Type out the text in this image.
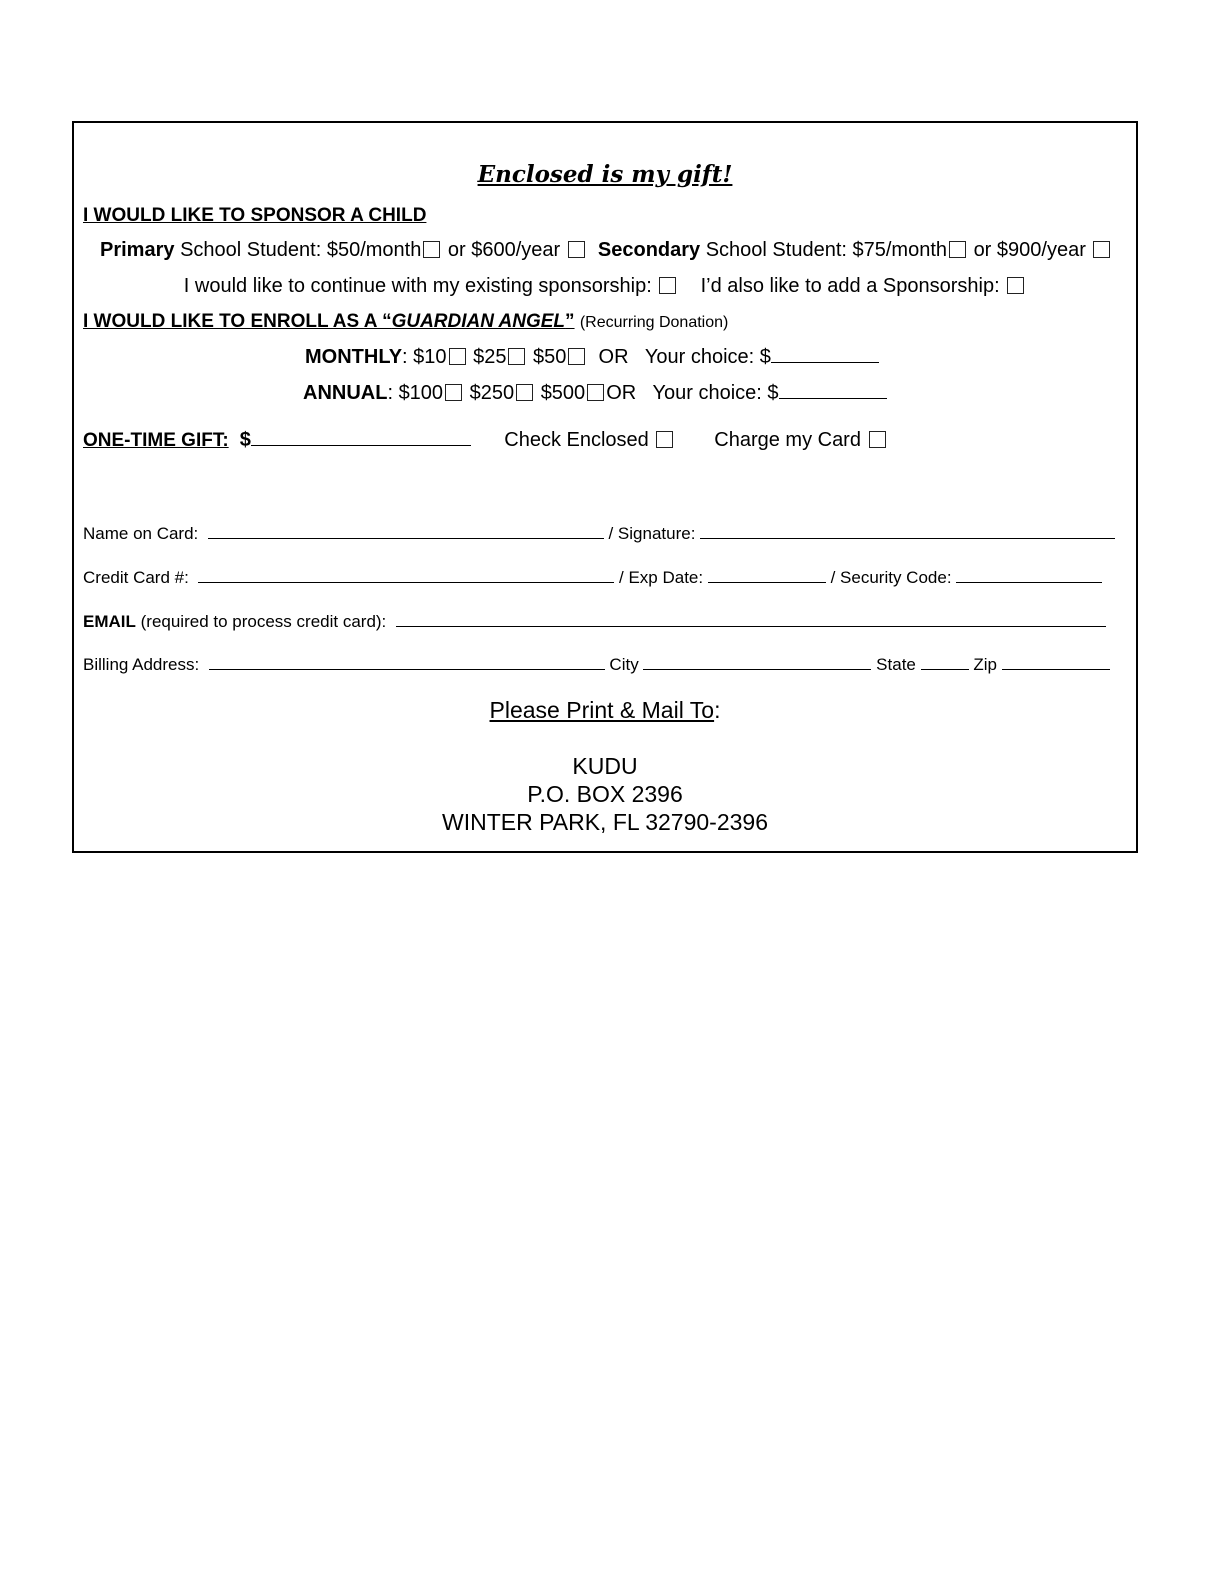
Enclosed is my gift!
I WOULD LIKE TO SPONSOR A CHILD
Primary School Student: $50/month or $600/year Secondary School Student: $75/month or $900/year
I would like to continue with my existing sponsorship: I’d also like to add a Sponsorship:
I WOULD LIKE TO ENROLL AS A “GUARDIAN ANGEL” (Recurring Donation)
MONTHLY: $10 $25 $50 OR Your choice: $
ANNUAL: $100 $250 $500 OR Your choice: $
ONE-TIME GIFT: $	Check Enclosed	Charge my Card
Name on Card:	/ Signature:
Credit Card #:	/ Exp Date:	/ Security Code:
EMAIL (required to process credit card):
Billing Address:	City	State	Zip
Please Print & Mail To:
KUDU
P.O. BOX 2396
WINTER PARK, FL 32790-2396
